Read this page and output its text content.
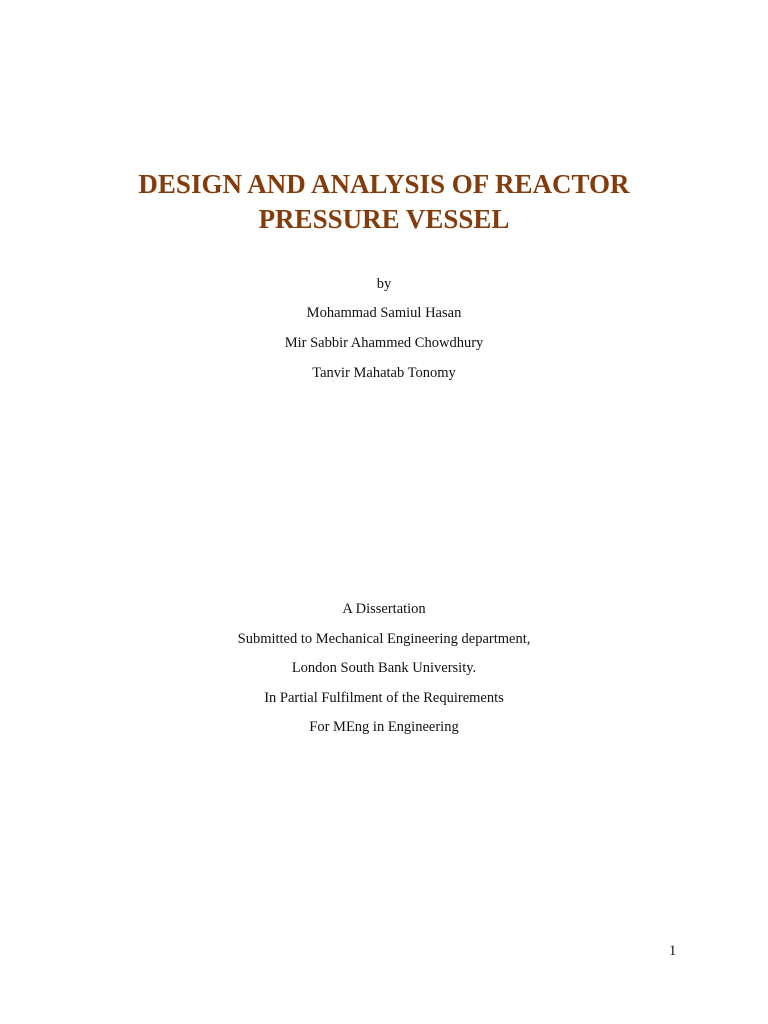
DESIGN AND ANALYSIS OF REACTOR
PRESSURE VESSEL

by

Mohammad Samiul Hasan

Mir Sabbir Ahammed Chowdhury

Tanvir Mahatab Tonomy

A Dissertation

Submitted to Mechanical Engineering department,

London South Bank University.

In Partial Fulfilment of the Requirements

For MEng in Engineering

1
